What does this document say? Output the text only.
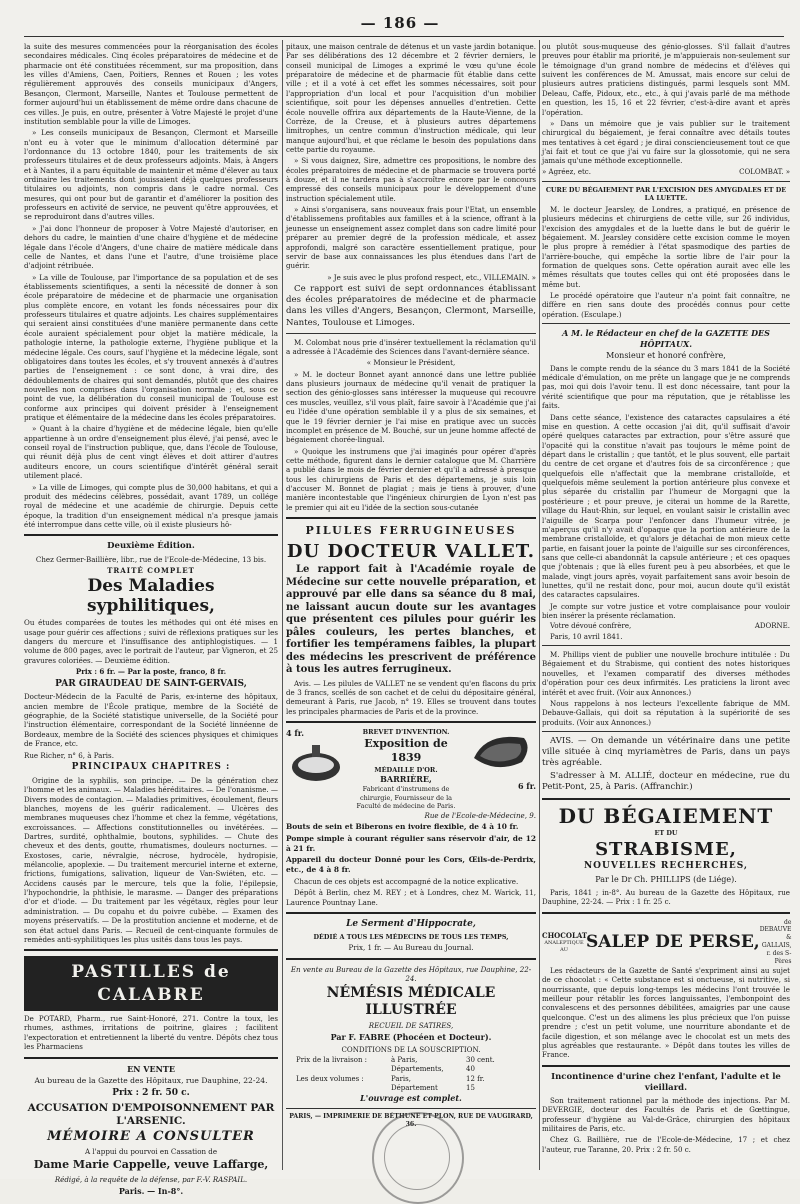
— 186 —

la suite des mesures commencées pour la réorganisation des écoles secondaires médicales. Cinq écoles préparatoires de médecine et de pharmacie ont été constituées récemment, sur ma proposition, dans les villes d'Amiens, Caen, Poitiers, Rennes et Rouen ; les votes régulièrement approuvés des conseils municipaux d'Angers, Besançon, Clermont, Marseille, Nantes et Toulouse permettent de former aujourd'hui un établissement de même ordre dans chacune de ces villes. Je puis, en outre, présenter à Votre Majesté le projet d'une institution semblable pour la ville de Limoges.

» Les conseils municipaux de Besançon, Clermont et Marseille n'ont eu à voter que le minimum d'allocation déterminé par l'ordonnance du 13 octobre 1840, pour les traitements de six professeurs titulaires et de deux professeurs adjoints. Mais, à Angers et à Nantes, il a paru équitable de maintenir et même d'élever au taux ordinaire les traitements dont jouissaient déjà quelques professeurs titulaires ou adjoints, non compris dans le cadre normal. Ces mesures, qui ont pour but de garantir et d'améliorer la position des professeurs en activité de service, ne peuvent qu'être approuvées, et se reproduiront dans d'autres villes.

» J'ai donc l'honneur de proposer à Votre Majesté d'autoriser, en dehors du cadre, le maintien d'une chaire d'hygiène et de médecine légale dans l'école d'Angers, d'une chaire de matière médicale dans celle de Nantes, et dans l'une et l'autre, d'une troisième place d'adjoint rétribuée.

» La ville de Toulouse, par l'importance de sa population et de ses établissements scientifiques, a senti la nécessité de donner à son école préparatoire de médecine et de pharmacie une organisation plus complète encore, en votant les fonds nécessaires pour dix professeurs titulaires et quatre adjoints. Les chaires supplémentaires qui seraient ainsi constituées d'une manière permanente dans cette école auraient spécialement pour objet la matière médicale, la pathologie interne, la pathologie externe, l'hygiène publique et la médecine légale. Ces cours, sauf l'hygiène et la médecine légale, sont obligatoires dans toutes les écoles, et s'y trouvent annexés à d'autres parties de l'enseignement : ce sont donc, à vrai dire, des dédoublements de chaires qui sont demandés, plutôt que des chaires nouvelles non comprises dans l'organisation normale ; et, sous ce point de vue, la délibération du conseil municipal de Toulouse est conforme aux principes qui doivent présider à l'enseignement pratique et élémentaire de la médecine dans les écoles préparatoires.

» Quant à la chaire d'hygiène et de médecine légale, bien qu'elle appartienne à un ordre d'enseignement plus élevé, j'ai pensé, avec le conseil royal de l'instruction publique, que, dans l'école de Toulouse, qui réunit déjà plus de cent vingt élèves et doit attirer d'autres auditeurs encore, un cours scientifique d'intérêt général serait utilement placé.

» La ville de Limoges, qui compte plus de 30,000 habitans, et qui a produit des médecins célèbres, possédait, avant 1789, un collége royal de médecine et une académie de chirurgie. Depuis cette époque, la tradition d'un enseignement médical n'a presque jamais été interrompue dans cette ville, où il existe plusieurs hô-

Deuxième Édition.

Chez Germer-Baillière, libr., rue de l'Ecole-de-Médecine, 13 bis.

TRAITÉ COMPLET

Des Maladies syphilitiques,

Ou études comparées de toutes les méthodes qui ont été mises en usage pour guérir ces affections ; suivi de réflexions pratiques sur les dangers du mercure et l'insuffisance des antiphlogistiques. — 1 volume de 800 pages, avec le portrait de l'auteur, par Vigneron, et 25 gravures coloriées. — Deuxième édition.

Prix : 6 fr. — Par la poste, franco, 8 fr.

PAR GIRAUDEAU DE SAINT-GERVAIS,

Docteur-Médecin de la Faculté de Paris, ex-interne des hôpitaux, ancien membre de l'École pratique, membre de la Société de géographie, de la Société statistique universelle, de la Société pour l'instruction élémentaire, correspondant de la Société linnéenne de Bordeaux, membre de la Société des sciences physiques et chimiques de France, etc.

Rue Richer, n° 6, à Paris.

PRINCIPAUX CHAPITRES :

Origine de la syphilis, son principe. — De la génération chez l'homme et les animaux. — Maladies héréditaires. — De l'onanisme. — Divers modes de contagion. — Maladies primitives, écoulement, fleurs blanches, moyens de les guérir radicalement. — Ulcères des membranes muqueuses chez l'homme et chez la femme, végétations, excroissances. — Affections constitutionnelles ou invétérées. — Dartres, surdité, ophthalmie, boutons, syphilides. — Chute des cheveux et des dents, goutte, rhumatismes, douleurs nocturnes. — Exostoses, carie, névralgie, nécrose, hydrocèle, hydropisie, mélancolie, apoplexie. — Du traitement mercuriel interne et externe, frictions, fumigations, salivation, liqueur de Van-Swiéten, etc. — Accidens causés par le mercure, tels que la folie, l'épilepsie, l'hypochondrie, la phthisie, le marasme. — Danger des préparations d'or et d'iode. — Du traitement par les végétaux, règles pour leur administration. — Du copahu et du poivre cubèbe. — Examen des moyens préservatifs. — De la prostitution ancienne et moderne, et de son état actuel dans Paris. — Recueil de cent-cinquante formules de remèdes anti-syphilitiques les plus usités dans tous les pays.

PASTILLES de CALABRE

De POTARD, Pharm., rue Saint-Honoré, 271. Contre la toux, les rhumes, asthmes, irritations de poitrine, glaires ; facilitent l'expectoration et entretiennent la liberté du ventre. Dépôts chez tous les Pharmaciens

EN VENTE

Au bureau de la Gazette des Hôpitaux, rue Dauphine, 22-24.

Prix : 2 fr. 50 c.

ACCUSATION D'EMPOISONNEMENT PAR L'ARSENIC.

MÉMOIRE A CONSULTER

A l'appui du pourvoi en Cassation de

Dame Marie Cappelle, veuve Laffarge,

Rédigé, à la requête de la défense, par F.-V. RASPAIL.

Paris. — In-8°.

pitaux, une maison centrale de détenus et un vaste jardin botanique. Par ses délibérations des 12 décembre et 2 février derniers, le conseil municipal de Limoges a exprimé le vœu qu'une école préparatoire de médecine et de pharmacie fût établie dans cette ville ; et il a voté à cet effet les sommes nécessaires, soit pour l'appropriation d'un local et pour l'acquisition d'un mobilier scientifique, soit pour les dépenses annuelles d'entretien. Cette école nouvelle offrira aux départements de la Haute-Vienne, de la Corrèze, de la Creuse, et à plusieurs autres départemens limitrophes, un centre commun d'instruction médicale, qui leur manque aujourd'hui, et que réclame le besoin des populations dans cette partie du royaume.

» Si vous daignez, Sire, admettre ces propositions, le nombre des écoles préparatoires de médecine et de pharmacie se trouvera porté à douze, et il ne tardera pas à s'accroître encore par le concours empressé des conseils municipaux pour le développement d'une instruction spécialement utile.

» Ainsi s'organisera, sans nouveaux frais pour l'Etat, un ensemble d'établissemens profitables aux familles et à la science, offrant à la jeunesse un enseignement assez complet dans son cadre limité pour préparer au premier degré de la profession médicale, et assez approfondi, malgré son caractère essentiellement pratique, pour servir de base aux connaissances les plus étendues dans l'art de guérir.

» Je suis avec le plus profond respect, etc., VILLEMAIN. »

Ce rapport est suivi de sept ordonnances établissant des écoles préparatoires de médecine et de pharmacie dans les villes d'Angers, Besançon, Clermont, Marseille, Nantes, Toulouse et Limoges.

M. Colombat nous prie d'insérer textuellement la réclamation qu'il a adressée à l'Académie des Sciences dans l'avant-dernière séance.

« Monsieur le Président,

» M. le docteur Bonnet ayant annoncé dans une lettre publiée dans plusieurs journaux de médecine qu'il venait de pratiquer la section des génio-glosses sans intéresser la muqueuse qui recouvre ces muscles, veuillez, s'il vous plaît, faire savoir à l'Académie que j'ai eu l'idée d'une opération semblable il y a plus de six semaines, et que le 19 février dernier je l'ai mise en pratique avec un succès incomplet en présence de M. Bouché, sur un jeune homme affecté de bégaiement chorée-lingual.

» Quoique les instrumens que j'ai imaginés pour opérer d'après cette méthode, figurent dans le dernier catalogue que M. Charrière a publié dans le mois de février dernier et qu'il a adressé à presque tous les chirurgiens de Paris et des départemens, je suis loin d'accuser M. Bonnet de plagiat ; mais je tiens à prouver, d'une manière incontestable que l'ingénieux chirurgien de Lyon n'est pas le premier qui ait eu l'idée de la section sous-cutanée

PILULES FERRUGINEUSES

DU DOCTEUR VALLET.

Le rapport fait à l'Académie royale de Médecine sur cette nouvelle préparation, et approuvé par elle dans sa séance du 8 mai, ne laissant aucun doute sur les avantages que présentent ces pilules pour guérir les pâles couleurs, les pertes blanches, et fortifier les tempéramens faibles, la plupart des médecins les prescrivent de préférence à tous les autres ferrugineux.

Avis. — Les pilules de VALLET ne se vendent qu'en flacons du prix de 3 francs, scellés de son cachet et de celui du dépositaire général, demeurant à Paris, rue Jacob, n° 19. Elles se trouvent dans toutes les principales pharmacies de Paris et de la province.

4 fr.	BREVET D'INVENTION.
Exposition de 1839
MÉDAILLE D'OR.
BARRIÈRE,
Fabricant d'instrumens de chirurgie, Fournisseur de la Faculté de médecine de Paris.
6 fr.

Rue de l'Ecole-de-Médecine, 9.

Bouts de sein et Biberons en ivoire flexible, de 4 à 10 fr.

Pompe simple à courant régulier sans réservoir d'air, de 12 à 21 fr.

Appareil du docteur Donné pour les Cors, Œils-de-Perdrix, etc., de 4 à 8 fr.

Chacun de ces objets est accompagné de la notice explicative.

Dépôt à Berlin, chez M. REY ; et à Londres, chez M. Warick, 11, Laurence Pountnay Lane.

Le Serment d'Hippocrate,

DÉDIÉ A TOUS LES MÉDECINS DE TOUS LES TEMPS,

Prix, 1 fr. — Au Bureau du Journal.

En vente au Bureau de la Gazette des Hôpitaux, rue Dauphine, 22-24.

NÉMÉSIS MÉDICALE ILLUSTRÉE

RECUEIL DE SATIRES,

Par F. FABRE (Phocéen et Docteur).

CONDITIONS DE LA SOUSCRIPTION.

Prix de la livraison :	à Paris,	30 cent.
Départements,	40
Les deux volumes :	Paris,	12 fr.
Département	15

L'ouvrage est complet.

PARIS, — IMPRIMERIE DE BÉTHUNE ET PLON, RUE DE VAUGIRARD, 36.

ou plutôt sous-muqueuse des génio-glosses. S'il fallait d'autres preuves pour établir ma priorité, je m'appuierais non-seulement sur le témoignage d'un grand nombre de médecins et d'élèves qui suivent les conférences de M. Amussat, mais encore sur celui de plusieurs autres praticiens distingués, parmi lesquels sont MM. Deleau, Caffe, Pidoux, etc., etc., à qui j'avais parlé de ma méthode en question, les 15, 16 et 22 février, c'est-à-dire avant et après l'opération.

» Dans un mémoire que je vais publier sur le traitement chirurgical du bégaiement, je ferai connaître avec détails toutes mes tentatives à cet égard ; je dirai consciencieusement tout ce que j'ai fait et tout ce que j'ai vu faire sur la glossotomie, qui ne sera jamais qu'une méthode exceptionnelle.

» Agréez, etc.	COLOMBAT. »

CURE DU BÉGAIEMENT PAR L'EXCISION DES AMYGDALES ET DE LA LUETTE.

M. le docteur Jearsley, de Londres, a pratiqué, en présence de plusieurs médecins et chirurgiens de cette ville, sur 26 individus, l'excision des amygdales et de la luette dans le but de guérir le bégaiement. M. Jearsley considère cette excision comme le moyen le plus propre à remédier à l'état spasmodique des parties de l'arrière-bouche, qui empêche la sortie libre de l'air pour la formation de quelques sons. Cette opération aurait avec elle les mêmes résultats que toutes celles qui ont été proposées dans le même but.

Le procédé opératoire que l'auteur n'a point fait connaître, ne diffère en rien sans doute des procédés connus pour cette opération. (Esculape.)

A M. le Rédacteur en chef de la GAZETTE DES HÔPITAUX.

Monsieur et honoré confrère,

Dans le compte rendu de la séance du 3 mars 1841 de la Société médicale d'émulation, on me prête un langage que je ne comprends pas, moi qui dois l'avoir tenu. Il est donc nécessaire, tant pour la vérité scientifique que pour ma réputation, que je rétablisse les faits.

Dans cette séance, l'existence des cataractes capsulaires a été mise en question. A cette occasion j'ai dit, qu'il suffisait d'avoir opéré quelques cataractes par extraction, pour s'être assuré que l'opacité qui la constitue n'avait pas toujours le même point de départ dans le cristallin ; que tantôt, et le plus souvent, elle partait du centre de cet organe et d'autres fois de sa circonférence ; que quelquefois elle n'affectait que la membrane cristalloïde, et quelquefois même seulement la portion antérieure plus convexe et plus séparée du cristallin par l'humeur de Morgagni que la postérieure ; et pour preuve, je citerai un homme de la Rarette, village du Haut-Rhin, sur lequel, en voulant saisir le cristallin avec l'aiguille de Scarpa pour l'enfoncer dans l'humeur vitrée, je m'aperçus qu'il n'y avait d'opaque que la portion antérieure de la membrane cristalloïde, et qu'alors je détachai de mon mieux cette partie, en faisant jouer la pointe de l'aiguille sur ses circonférences, sans que celle-ci abandonnât la capsule antérieure ; et ces opaques que j'obtenais ; que là elles furent peu à peu absorbées, et que le malade, vingt jours après, voyait parfaitement sans avoir besoin de lunettes, qu'il ne restait donc, pour moi, aucun doute qu'il existât des cataractes capsulaires.

Je compte sur votre justice et votre complaisance pour vouloir bien insérer la présente réclamation.

Votre dévoué confrère,	ADORNE.

Paris, 10 avril 1841.

M. Phillips vient de publier une nouvelle brochure intitulée : Du Bégaiement et du Strabisme, qui contient des notes historiques nouvelles, et l'examen comparatif des diverses méthodes d'opération pour ces deux infirmités. Les praticiens la liront avec intérêt et avec fruit. (Voir aux Annonces.)

Nous rappelons à nos lecteurs l'excellente fabrique de MM. Debauve-Gallais, qui doit sa réputation à la supériorité de ses produits. (Voir aux Annonces.)

AVIS. — On demande un vétérinaire dans une petite ville située à cinq myriamètres de Paris, dans un pays très agréable.

S'adresser à M. ALLIÉ, docteur en médecine, rue du Petit-Pont, 25, à Paris. (Affranchir.)

DU BÉGAIEMENT

ET DU

STRABISME,

NOUVELLES RECHERCHES,

Par le Dr Ch. PHILLIPS (de Liége).

Paris, 1841 ; in-8°. Au bureau de la Gazette des Hôpitaux, rue Dauphine, 22-24. — Prix : 1 fr. 25 c.

CHOCOLAT
ANALEPTIQUE AU	SALEP DE PERSE,
de DEBAUVE & GALLAIS,
r. des S-Pères

Les rédacteurs de la Gazette de Santé s'expriment ainsi au sujet de ce chocolat : « Cette substance est si onctueuse, si nutritive, si nourrissante, que depuis long-temps les médecins l'ont trouvée le meilleur pour rétablir les forces languissantes, l'embonpoint des convalescens et des personnes débilitées, amaigries par une cause quelconque. C'est un des alimens les plus précieux que l'on puisse prendre ; c'est un petit volume, une nourriture abondante et de facile digestion, et son mélange avec le chocolat est un mets des plus agréables que restaurante. » Dépôt dans toutes les villes de France.

Incontinence d'urine chez l'enfant, l'adulte et le vieillard.

Son traitement rationnel par la méthode des injections. Par M. DEVERGIE, docteur des Facultés de Paris et de Gœttingue, professeur d'hygiène au Val-de-Grâce, chirurgien des hôpitaux militaires de Paris, etc.

Chez G. Baillière, rue de l'Ecole-de-Médecine, 17 ; et chez l'auteur, rue Taranne, 20. Prix : 2 fr. 50 c.
